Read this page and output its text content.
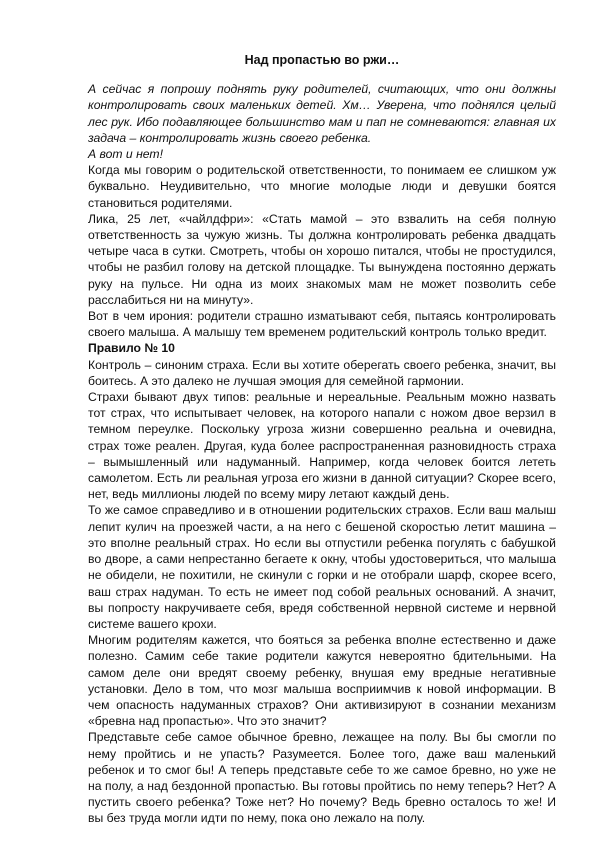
Над пропастью во ржи…

А сейчас я попрошу поднять руку родителей, считающих, что они должны контролировать своих маленьких детей. Хм… Уверена, что поднялся целый лес рук. Ибо подавляющее большинство мам и пап не сомневаются: главная их задача – контролировать жизнь своего ребенка.

А вот и нет!

Когда мы говорим о родительской ответственности, то понимаем ее слишком уж буквально. Неудивительно, что многие молодые люди и девушки боятся становиться родителями.

Лика, 25 лет, «чайлдфри»: «Стать мамой – это взвалить на себя полную ответственность за чужую жизнь. Ты должна контролировать ребенка двадцать четыре часа в сутки. Смотреть, чтобы он хорошо питался, чтобы не простудился, чтобы не разбил голову на детской площадке. Ты вынуждена постоянно держать руку на пульсе. Ни одна из моих знакомых мам не может позволить себе расслабиться ни на минуту».

Вот в чем ирония: родители страшно изматывают себя, пытаясь контролировать своего малыша. А малышу тем временем родительский контроль только вредит.

Правило № 10

Контроль – синоним страха. Если вы хотите оберегать своего ребенка, значит, вы боитесь. А это далеко не лучшая эмоция для семейной гармонии.

Страхи бывают двух типов: реальные и нереальные. Реальным можно назвать тот страх, что испытывает человек, на которого напали с ножом двое верзил в темном переулке. Поскольку угроза жизни совершенно реальна и очевидна, страх тоже реален. Другая, куда более распространенная разновидность страха – вымышленный или надуманный. Например, когда человек боится лететь самолетом. Есть ли реальная угроза его жизни в данной ситуации? Скорее всего, нет, ведь миллионы людей по всему миру летают каждый день.

То же самое справедливо и в отношении родительских страхов. Если ваш малыш лепит кулич на проезжей части, а на него с бешеной скоростью летит машина – это вполне реальный страх. Но если вы отпустили ребенка погулять с бабушкой во дворе, а сами непрестанно бегаете к окну, чтобы удостовериться, что малыша не обидели, не похитили, не скинули с горки и не отобрали шарф, скорее всего, ваш страх надуман. То есть не имеет под собой реальных оснований. А значит, вы попросту накручиваете себя, вредя собственной нервной системе и нервной системе вашего крохи.

Многим родителям кажется, что бояться за ребенка вполне естественно и даже полезно. Самим себе такие родители кажутся невероятно бдительными. На самом деле они вредят своему ребенку, внушая ему вредные негативные установки. Дело в том, что мозг малыша восприимчив к новой информации. В чем опасность надуманных страхов? Они активизируют в сознании механизм «бревна над пропастью». Что это значит?

Представьте себе самое обычное бревно, лежащее на полу. Вы бы смогли по нему пройтись и не упасть? Разумеется. Более того, даже ваш маленький ребенок и то смог бы! А теперь представьте себе то же самое бревно, но уже не на полу, а над бездонной пропастью. Вы готовы пройтись по нему теперь? Нет? А пустить своего ребенка? Тоже нет? Но почему? Ведь бревно осталось то же! И вы без труда могли идти по нему, пока оно лежало на полу.
